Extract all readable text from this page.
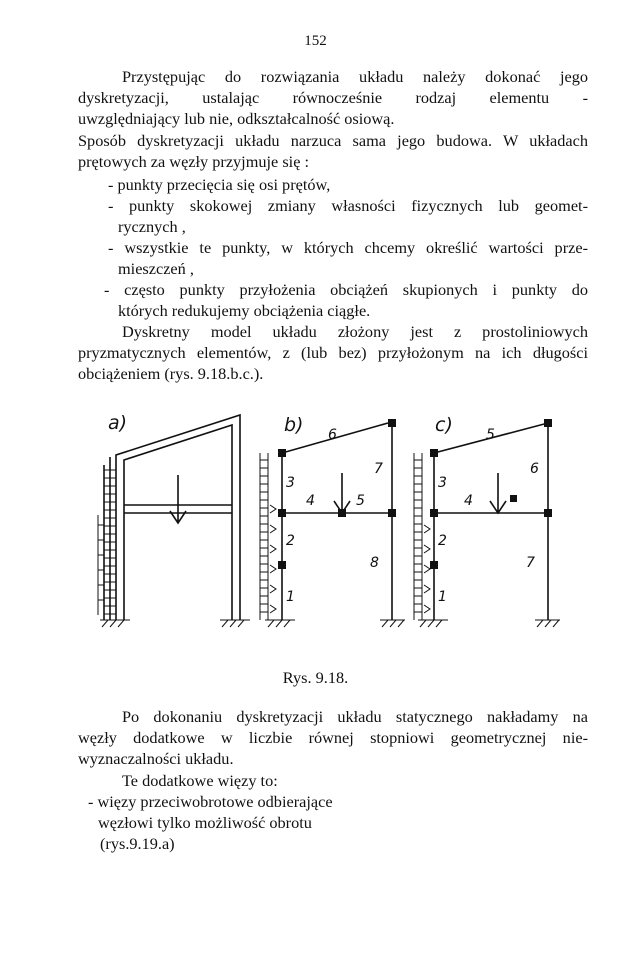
152
Przystępując do rozwiązania układu należy dokonać jego
dyskretyzacji, ustalając równocześnie rodzaj elementu -
uwzględniający lub nie, odkształcalność osiową.
Sposób dyskretyzacji układu narzuca sama jego budowa. W układach
prętowych za węzły przyjmuje się :
- punkty przecięcia się osi prętów,
- punkty skokowej zmiany własności fizycznych lub geomet-
rycznych ,
- wszystkie te punkty, w których chcemy określić wartości prze-
mieszczeń ,
- często punkty przyłożenia obciążeń skupionych i punkty do
których redukujemy obciążenia ciągłe.
Dyskretny model układu złożony jest z prostoliniowych
pryzmatycznych elementów, z (lub bez) przyłożonym na ich długości
obciążeniem (rys. 9.18.b.c.).
a)	b)	c)
1
2
3
4	5
6
7
8
1
2
3
4
5
6
7
Rys. 9.18.
Po dokonaniu dyskretyzacji układu statycznego nakładamy na
węzły dodatkowe w liczbie równej stopniowi geometrycznej nie-
wyznaczalności układu.
Te dodatkowe więzy to:
- więzy przeciwobrotowe odbierające
węzłowi tylko możliwość obrotu
(rys.9.19.a)
